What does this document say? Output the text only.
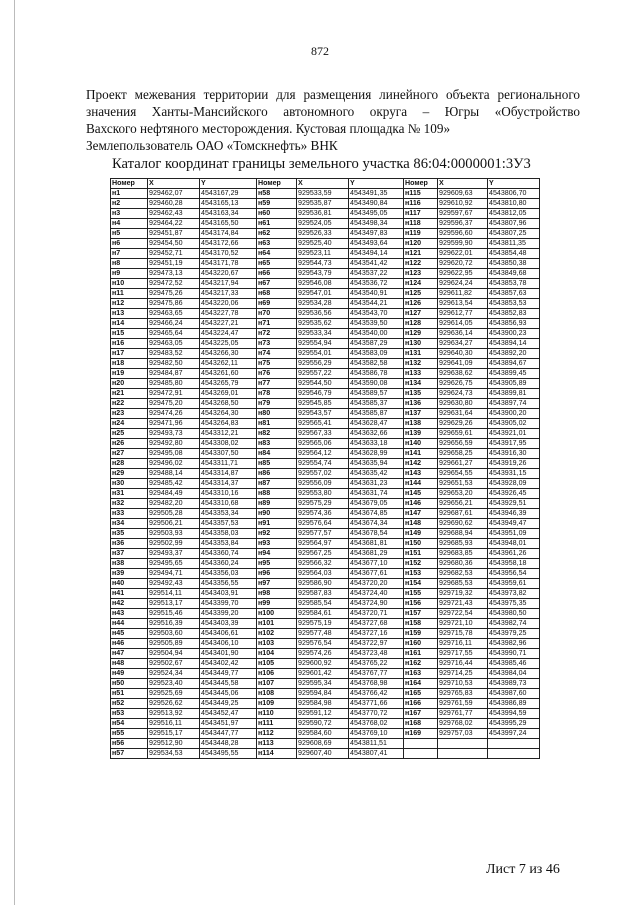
872
Проект межевания территории для размещения линейного объекта регионального
значения Ханты-Мансийского автономного округа – Югры «Обустройство
Вахского нефтяного месторождения. Кустовая площадка № 109»
Землепользователь ОАО «Томскнефть» ВНК
Каталог координат границы земельного участка 86:04:0000001:3У3
Номер	X	Y	Номер	X	Y	Номер	X	Y
н1	929462,07	4543167,29	н58	929533,59	4543491,35	н115	929609,63	4543806,70
н2	929460,28	4543165,13	н59	929535,87	4543490,84	н116	929610,92	4543810,80
н3	929462,43	4543163,34	н60	929536,81	4543495,05	н117	929597,67	4543812,05
н4	929464,22	4543165,50	н61	929524,05	4543498,34	н118	929596,37	4543807,96
н5	929451,87	4543174,84	н62	929526,33	4543497,83	н119	929596,60	4543807,25
н6	929454,50	4543172,66	н63	929525,40	4543493,64	н120	929599,90	4543811,35
н7	929452,71	4543170,52	н64	929523,11	4543494,14	н121	929622,01	4543854,48
н8	929451,19	4543171,78	н65	929544,73	4543541,42	н122	929620,72	4543850,38
н9	929473,13	4543220,67	н66	929543,79	4543537,22	н123	929622,95	4543849,68
н10	929472,52	4543217,94	н67	929546,08	4543536,72	н124	929624,24	4543853,78
н11	929475,26	4543217,33	н68	929547,01	4543540,91	н125	929611,82	4543857,63
н12	929475,86	4543220,06	н69	929534,28	4543544,21	н126	929613,54	4543853,53
н13	929463,65	4543227,78	н70	929536,56	4543543,70	н127	929612,77	4543852,83
н14	929466,24	4543227,21	н71	929535,62	4543539,50	н128	929614,05	4543856,93
н15	929465,64	4543224,47	н72	929533,34	4543540,00	н129	929636,14	4543900,23
н16	929463,05	4543225,05	н73	929554,94	4543587,29	н130	929634,27	4543894,14
н17	929483,52	4543266,30	н74	929554,01	4543583,09	н131	929640,30	4543892,20
н18	929482,50	4543262,11	н75	929556,29	4543582,58	н132	929641,09	4543894,67
н19	929484,87	4543261,60	н76	929557,22	4543586,78	н133	929638,62	4543899,45
н20	929485,80	4543265,79	н77	929544,50	4543590,08	н134	929626,75	4543905,89
н21	929472,91	4543269,01	н78	929546,79	4543589,57	н135	929624,73	4543899,81
н22	929475,20	4543268,50	н79	929545,85	4543585,37	н136	929630,80	4543897,74
н23	929474,26	4543264,30	н80	929543,57	4543585,87	н137	929631,64	4543900,20
н24	929471,96	4543264,83	н81	929565,41	4543628,47	н138	929629,26	4543905,02
н25	929493,73	4543312,21	н82	929567,33	4543632,66	н139	929659,61	4543921,01
н26	929492,80	4543308,02	н83	929565,06	4543633,18	н140	929656,59	4543917,95
н27	929495,08	4543307,50	н84	929564,12	4543628,99	н141	929658,25	4543916,30
н28	929496,02	4543311,71	н85	929554,74	4543635,94	н142	929661,27	4543919,26
н29	929488,14	4543314,87	н86	929557,02	4543635,42	н143	929654,55	4543931,15
н30	929485,42	4543314,37	н87	929556,09	4543631,23	н144	929651,53	4543928,09
н31	929484,49	4543310,16	н88	929553,80	4543631,74	н145	929653,20	4543926,45
н32	929482,20	4543310,68	н89	929575,29	4543679,05	н146	929656,21	4543929,51
н33	929505,28	4543353,34	н90	929574,36	4543674,85	н147	929687,61	4543946,39
н34	929506,21	4543357,53	н91	929576,64	4543674,34	н148	929690,62	4543949,47
н35	929503,93	4543358,03	н92	929577,57	4543678,54	н149	929688,94	4543951,09
н36	929502,99	4543353,84	н93	929564,97	4543681,81	н150	929685,93	4543948,01
н37	929493,37	4543360,74	н94	929567,25	4543681,29	н151	929683,85	4543961,26
н38	929495,65	4543360,24	н95	929566,32	4543677,10	н152	929680,36	4543958,18
н39	929494,71	4543356,03	н96	929564,03	4543677,61	н153	929682,53	4543956,54
н40	929492,43	4543356,55	н97	929586,90	4543720,20	н154	929685,53	4543959,61
н41	929514,11	4543403,91	н98	929587,83	4543724,40	н155	929719,32	4543973,82
н42	929513,17	4543399,70	н99	929585,54	4543724,90	н156	929721,43	4543975,35
н43	929515,46	4543399,20	н100	929584,61	4543720,71	н157	929722,54	4543980,50
н44	929516,39	4543403,39	н101	929575,19	4543727,68	н158	929721,10	4543982,74
н45	929503,60	4543406,61	н102	929577,48	4543727,16	н159	929715,78	4543979,25
н46	929505,89	4543406,10	н103	929576,54	4543722,97	н160	929716,11	4543982,96
н47	929504,94	4543401,90	н104	929574,26	4543723,48	н161	929717,55	4543990,71
н48	929502,67	4543402,42	н105	929600,92	4543765,22	н162	929716,44	4543985,46
н49	929524,34	4543449,77	н106	929601,42	4543767,77	н163	929714,25	4543984,04
н50	929523,40	4543445,58	н107	929595,34	4543768,98	н164	929710,53	4543989,73
н51	929525,69	4543445,06	н108	929594,84	4543766,42	н165	929765,83	4543987,60
н52	929526,62	4543449,25	н109	929584,98	4543771,66	н166	929761,59	4543986,89
н53	929513,92	4543452,47	н110	929591,12	4543770,72	н167	929761,77	4543994,59
н54	929516,11	4543451,97	н111	929590,72	4543768,02	н168	929768,02	4543995,29
н55	929515,17	4543447,77	н112	929584,60	4543769,10	н169	929757,03	4543997,24
н56	929512,90	4543448,28	н113	929608,69	4543811,51			
н57	929534,53	4543495,55	н114	929607,40	4543807,41			
Лист 7 из 46
